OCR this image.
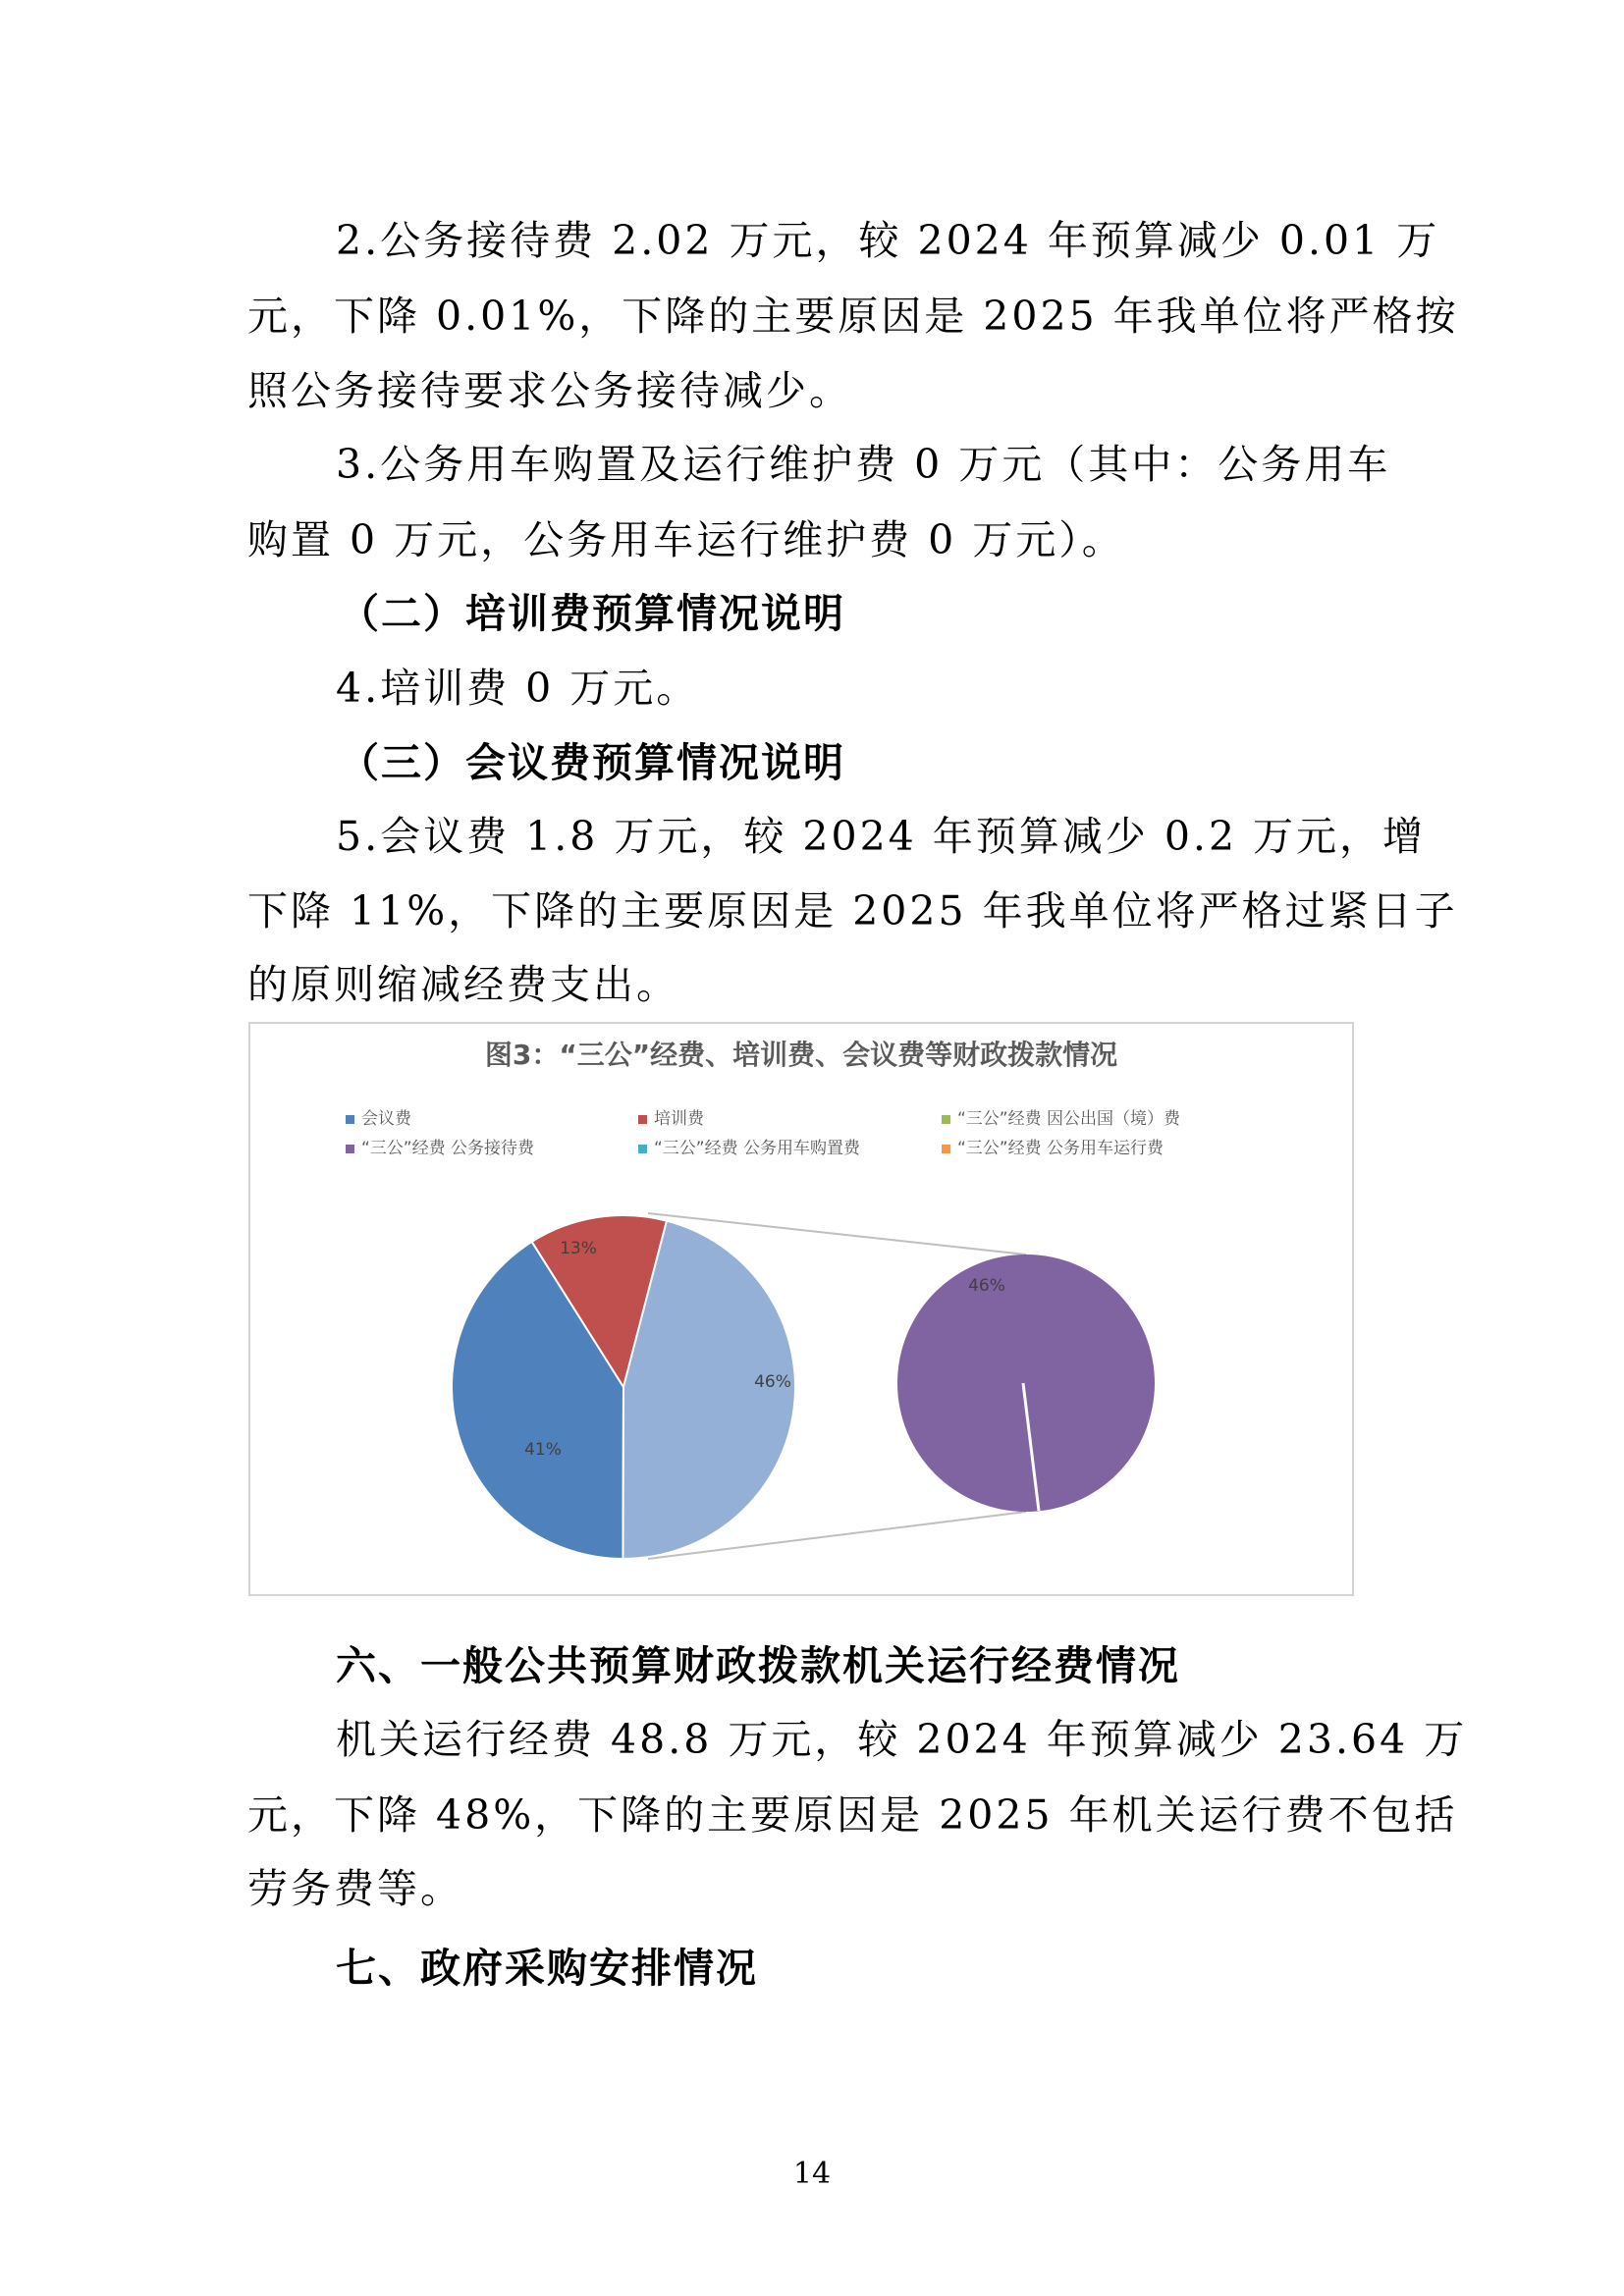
2.公务接待费 2.02 万元，较 2024 年预算减少 0.01 万
元，下降 0.01%，下降的主要原因是 2025 年我单位将严格按
照公务接待要求公务接待减少。
3.公务用车购置及运行维护费 0 万元（其中：公务用车
购置 0 万元，公务用车运行维护费 0 万元）。
（二）培训费预算情况说明
4.培训费 0 万元。
（三）会议费预算情况说明
5.会议费 1.8 万元，较 2024 年预算减少 0.2 万元，增
下降 11%，下降的主要原因是 2025 年我单位将严格过紧日子
的原则缩减经费支出。
六、一般公共预算财政拨款机关运行经费情况
机关运行经费 48.8 万元，较 2024 年预算减少 23.64 万
元，下降 48%，下降的主要原因是 2025 年机关运行费不包括
劳务费等。
七、政府采购安排情况
图3：“三公”经费、培训费、会议费等财政拨款情况
会议费	培训费	“三公”经费 因公出国（境）费
“三公”经费 公务接待费	“三公”经费 公务用车购置费	“三公”经费 公务用车运行费
41%
13%
46%
46%
14
